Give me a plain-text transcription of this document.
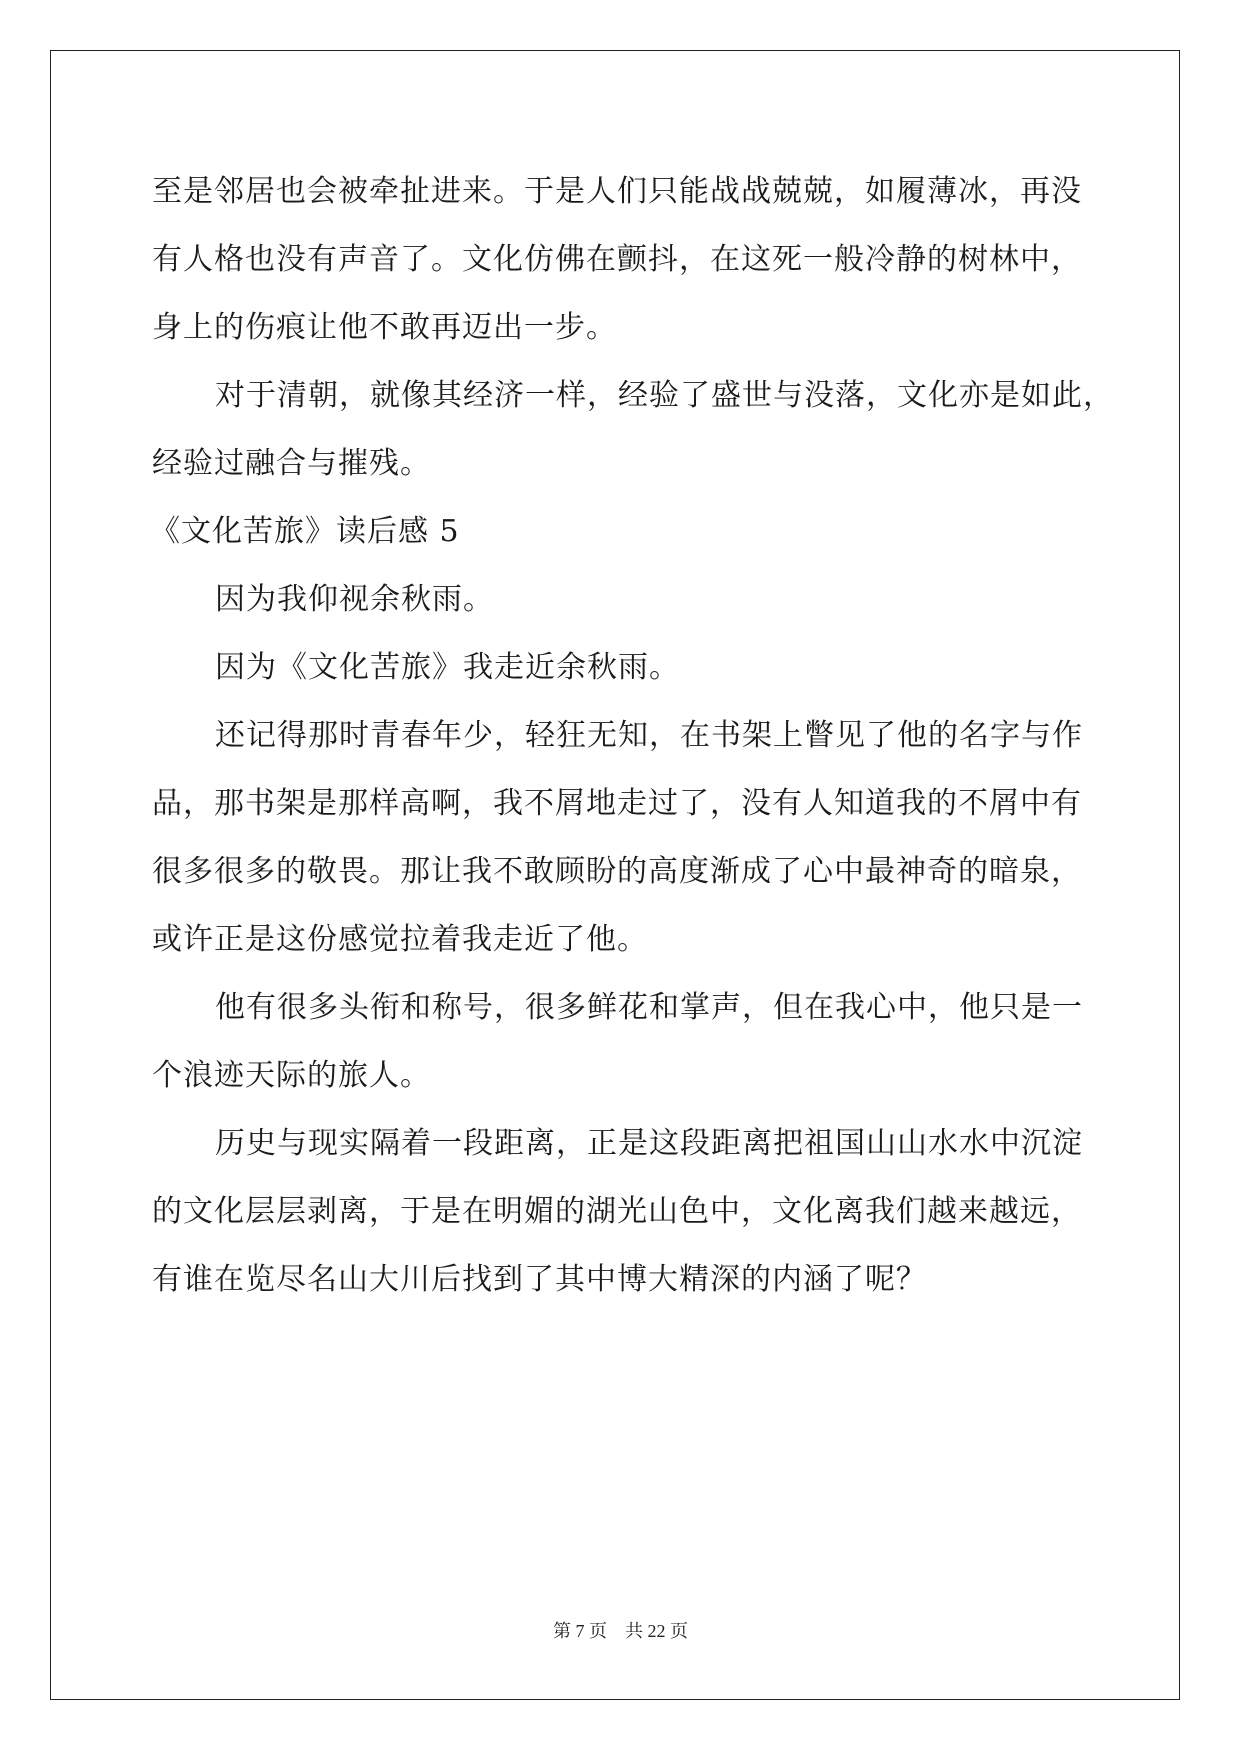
至是邻居也会被牵扯进来。于是人们只能战战兢兢，如履薄冰，再没
有人格也没有声音了。文化仿佛在颤抖，在这死一般冷静的树林中，
身上的伤痕让他不敢再迈出一步。
对于清朝，就像其经济一样，经验了盛世与没落，文化亦是如此，
经验过融合与摧残。
《文化苦旅》读后感 5
因为我仰视余秋雨。
因为《文化苦旅》我走近余秋雨。
还记得那时青春年少，轻狂无知，在书架上瞥见了他的名字与作
品，那书架是那样高啊，我不屑地走过了，没有人知道我的不屑中有
很多很多的敬畏。那让我不敢顾盼的高度渐成了心中最神奇的暗泉，
或许正是这份感觉拉着我走近了他。
他有很多头衔和称号，很多鲜花和掌声，但在我心中，他只是一
个浪迹天际的旅人。
历史与现实隔着一段距离，正是这段距离把祖国山山水水中沉淀
的文化层层剥离，于是在明媚的湖光山色中，文化离我们越来越远，
有谁在览尽名山大川后找到了其中博大精深的内涵了呢？
第 7 页　共 22 页
